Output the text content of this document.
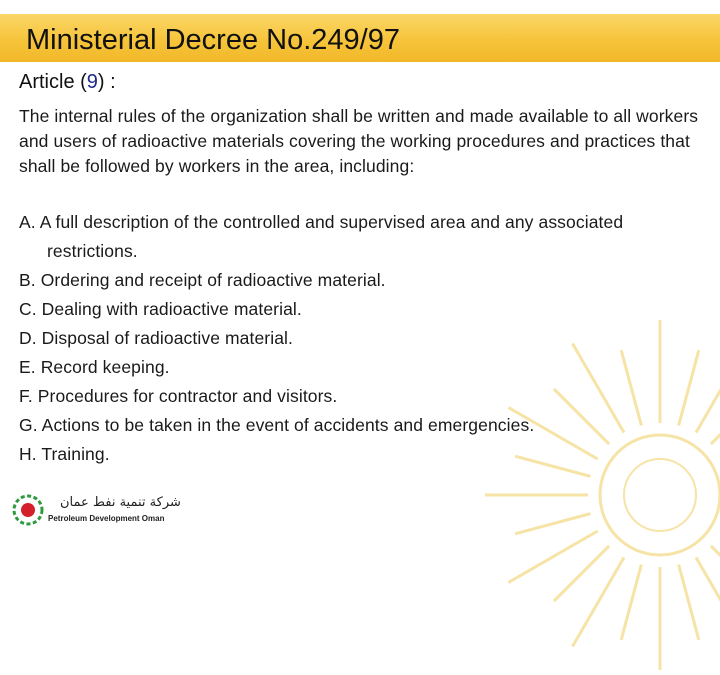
Ministerial Decree No.249/97
Article (9) :
The internal rules of the organization shall be written and made available to all workers and users of radioactive materials covering the working procedures and practices that shall be followed by workers in the area, including:
A. A full description of the controlled and supervised area and any associated restrictions.
B. Ordering and receipt of radioactive material.
C. Dealing with radioactive material.
D. Disposal of radioactive material.
E. Record keeping.
F. Procedures for contractor and visitors.
G. Actions to be taken in the event of accidents and emergencies.
H. Training.
شركة تنمية نفط عمان
Petroleum Development Oman
